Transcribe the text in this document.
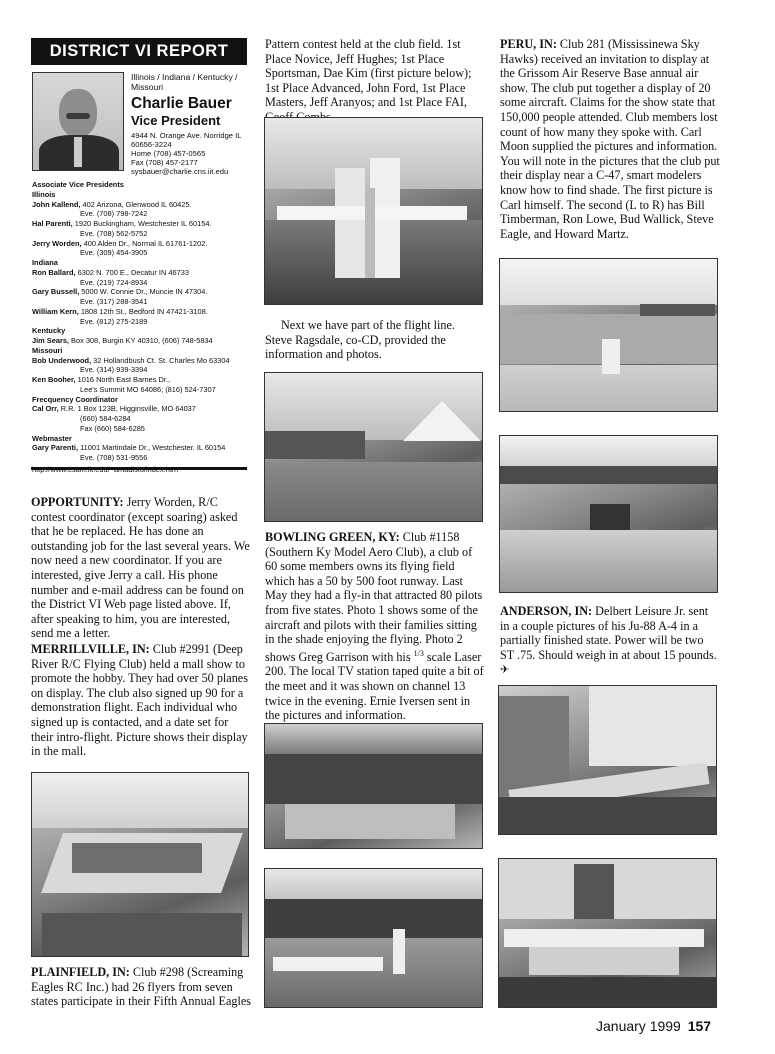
DISTRICT VI REPORT
Illinois / Indiana / Kentucky / Missouri
Charlie Bauer
Vice President
4944 N. Orange Ave. Norridge IL
60656-3224
Home (708) 457-0565
Fax (708) 457-2177
sysbauer@charlie.cns.iit.edu
Associate Vice Presidents
Illinois
John Kallend, 402 Arizona, Glenwood IL 60425.
Eve. (708) 798-7242
Hal Parenti, 1920 Buckingham, Westchester IL 60154.
Eve. (708) 562-5752
Jerry Worden, 400 Alden Dr., Normal IL 61761-1202.
Eve. (309) 454-3905
Indiana
Ron Ballard, 6302 N. 700 E., Decatur IN 46733
Eve. (219) 724-8934
Gary Bussell, 5000 W. Connie Dr., Muncie IN 47304.
Eve. (317) 288-3541
William Kern, 1808 12th St., Bedford IN 47421-3108.
Eve. (812) 275-2189
Kentucky
Jim Sears, Box 308, Burgin KY 40310, (606) 748-5834
Missouri
Bob Underwood, 32 Hollandbush Ct. St. Charles Mo 63304
Eve. (314) 939-3394
Ken Booher, 1016 North East Barnes Dr.,
Lee's Summit MO 64086; (816) 524-7307
Frecquency Coordinator
Cal Orr, R.R. 1 Box 123B, Higginsville, MO 64037
(660) 584-6284
Fax (660) 584-6285
Webmaster
Gary Parenti, 11001 Martindale Dr., Westchester. IL 60154
Eve. (708) 531-9556
OPPORTUNITY: Jerry Worden, R/C contest coordinator (except soaring) asked that he be replaced. He has done an outstanding job for the last several years. We now need a new coordinator. If you are interested, give Jerry a call. His phone number and e-mail address can be found on the District VI Web page listed above. If, after speaking to him, you are interested, send me a letter.
MERRILLVILLE, IN: Club #2991 (Deep River R/C Flying Club) held a mall show to promote the hobby. They had over 50 planes on display. The club also signed up 90 for a demonstration flight. Each individual who signed up is contacted, and a date set for their intro-flight. Picture shows their display in the mall.
PLAINFIELD, IN: Club #298 (Screaming Eagles RC Inc.) had 26 flyers from seven states participate in their Fifth Annual Eagles
Pattern contest held at the club field. 1st Place Novice, Jeff Hughes; 1st Place Sportsman, Dae Kim (first picture below); 1st Place Advanced, John Ford, 1st Place Masters, Jeff Aranyos; and 1st Place FAI,
Next we have part of the flight line. Steve Ragsdale, co-CD, provided the information and photos.
BOWLING GREEN, KY: Club #1158 (Southern Ky Model Aero Club), a club of 60 some members owns its flying field which has a 50 by 500 foot runway. Last May they had a fly-in that attracted 80 pilots from five states. Photo 1 shows some of the aircraft and pilots with their families sitting in the shade enjoying the flying. Photo 2 shows Greg Garrison with his $^{1/3}$ scale Laser 200. The local TV station taped quite a bit of the meet and it was shown on channel 13 twice in the evening. Ernie Iversen sent in the pictures and information.
PERU, IN: Club 281 (Mississinewa Sky Hawks) received an invitation to display at the Grissom Air Reserve Base annual air show. The club put together a display of 20 some aircraft. Claims for the show state that 150,000 people attended. Club members lost count of how many they spoke with. Carl Moon supplied the pictures and information. You will note in the pictures that the club put their display near a C-47, smart modelers know how to find shade. The first picture is Carl himself. The second (L to R) has Bill Timberman, Ron Lowe, Bud Wallick, Steve Eagle, and Howard Martz.
ANDERSON, IN: Delbert Leisure Jr. sent in a couple pictures of his Ju-88 A-4 in a partially finished state. Power will be two ST .75. Should weigh in at about 15 pounds. ✈
January 1999 157
